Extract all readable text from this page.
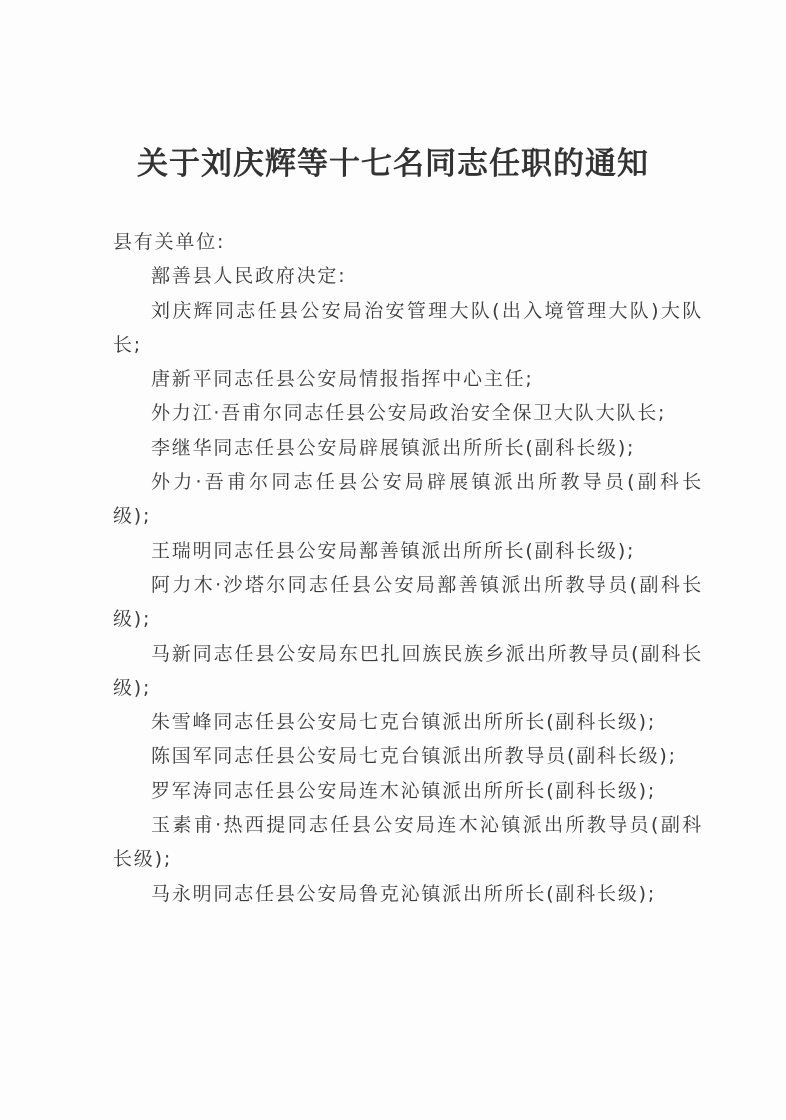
关于刘庆辉等十七名同志任职的通知

县有关单位:

鄯善县人民政府决定:

刘庆辉同志任县公安局治安管理大队(出入境管理大队)大队长;

唐新平同志任县公安局情报指挥中心主任;

外力江·吾甫尔同志任县公安局政治安全保卫大队大队长;

李继华同志任县公安局辟展镇派出所所长(副科长级);

外力·吾甫尔同志任县公安局辟展镇派出所教导员(副科长级);

王瑞明同志任县公安局鄯善镇派出所所长(副科长级);

阿力木·沙塔尔同志任县公安局鄯善镇派出所教导员(副科长级);

马新同志任县公安局东巴扎回族民族乡派出所教导员(副科长级);

朱雪峰同志任县公安局七克台镇派出所所长(副科长级);

陈国军同志任县公安局七克台镇派出所教导员(副科长级);

罗军涛同志任县公安局连木沁镇派出所所长(副科长级);

玉素甫·热西提同志任县公安局连木沁镇派出所教导员(副科长级);

马永明同志任县公安局鲁克沁镇派出所所长(副科长级);
